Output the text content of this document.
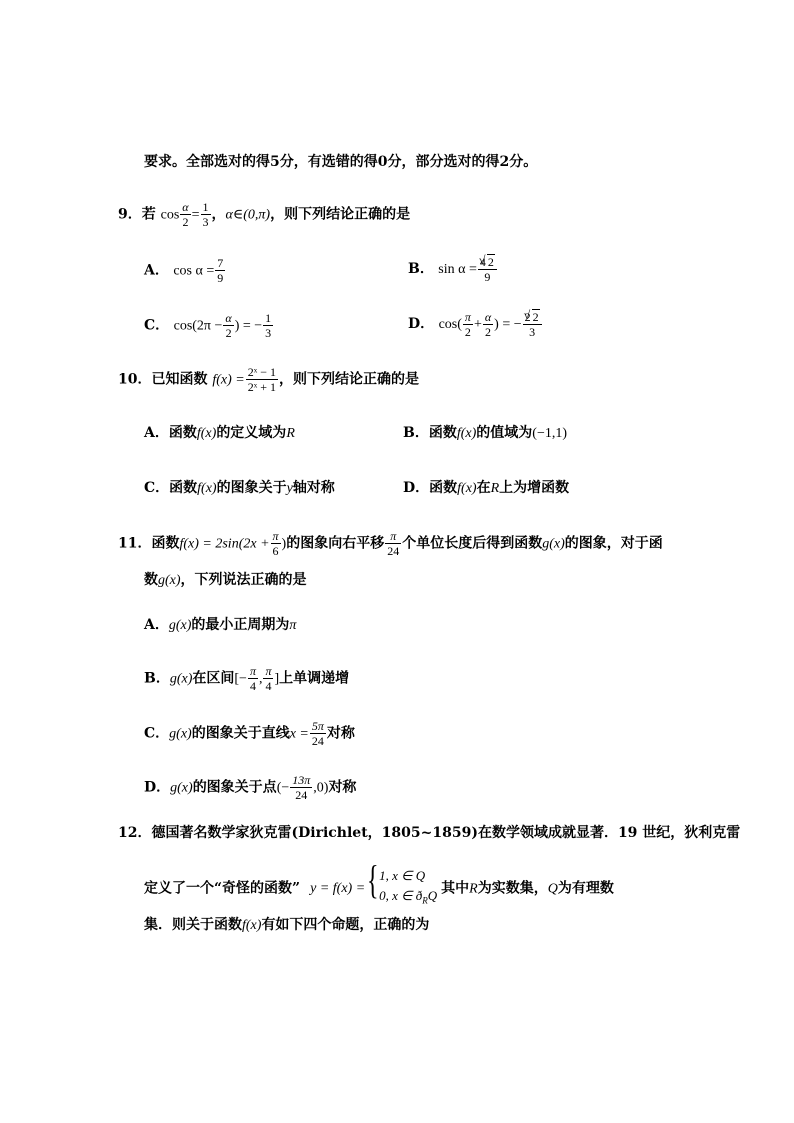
要求。全部选对的得5分，有选错的得0分，部分选对的得2分。
9．若 $\cos \frac{\alpha}{2} = \frac{1}{3}$ ，α∈(0,π)，则下列结论正确的是
A． $\cos \alpha = \frac{7}{9}$	B． $\sin \alpha = \frac{4 √ 2}{9}$
C． $\cos(2\pi - \frac{\alpha}{2}$ ) = − $\frac{1}{3}$	D． $\cos( \frac{\pi}{2} + \frac{\alpha}{2}$ ) = − $\frac{2 √ 2}{3}$
10．已知函数 $f(x) = \frac{\text{2ˣ − 1}}{\text{2ˣ + 1}}$ ，则下列结论正确的是
A．函数f(x)的定义域为R	B．函数f(x)的值域为(−1,1)
C．函数f(x)的图象关于y轴对称	D．函数f(x)在R上为增函数
11．函数$f(x) = 2\sin(2x + \frac{\pi}{6}$ )的图象向右平移 $\frac{\pi}{24}$ 个单位长度后得到函数g(x)的图象，对于函
数g(x)，下列说法正确的是
A．g(x)的最小正周期为π
B．g(x)在区间[− $\frac{\pi}{4}$ , $\frac{\pi}{4}$ ]上单调递增
C．g(x)的图象关于直线$x = \frac{5\pi}{24}$ 对称
D．g(x)的图象关于点(− $\frac{13\pi}{24} ,0$)对称
12．德国著名数学家狄克雷(Dirichlet，1805~1859)在数学领域成就显著．19 世纪，狄利克雷
定义了一个“奇怪的函数” y = f(x) =
{ 1, x ∈ Q
0, x ∈ $ð_RQ$ 其中R为实数集，Q为有理数
集．则关于函数f(x)有如下四个命题，正确的为
